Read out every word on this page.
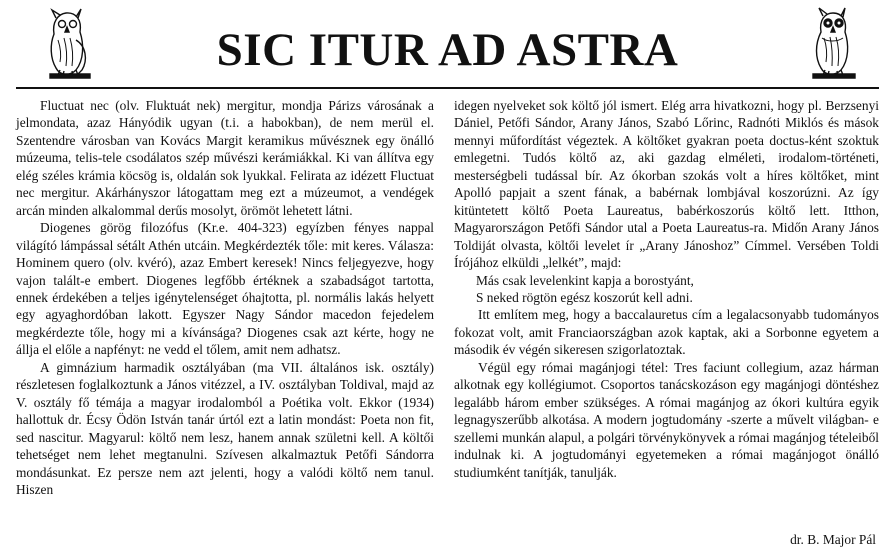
SIC ITUR AD ASTRA

Fluctuat nec (olv. Fluktuát nek) mergitur, mondja Párizs városának a jelmondata, azaz Hányódik ugyan (t.i. a habokban), de nem merül el. Szentendre városban van Kovács Margit keramikus művésznek egy önálló múzeuma, telis-tele csodálatos szép művészi kerámiákkal. Ki van állítva egy elég széles krámia köcsög is, oldalán sok lyukkal. Felirata az idézett Fluctuat nec mergitur. Akárhányszor látogattam meg ezt a múzeumot, a vendégek arcán minden alkalommal derűs mosolyt, örömöt lehetett látni.

Diogenes görög filozófus (Kr.e. 404-323) egyízben fényes nappal világító lámpással sétált Athén utcáin. Megkérdezték tőle: mit keres. Válasza: Hominem quero (olv. kvéró), azaz Embert keresek! Nincs feljegyezve, hogy vajon talált-e embert. Diogenes legfőbb értéknek a szabadságot tartotta, ennek érdekében a teljes igénytelenséget óhajtotta, pl. normális lakás helyett egy agyaghordóban lakott. Egyszer Nagy Sándor macedon fejedelem megkérdezte tőle, hogy mi a kívánsága? Diogenes csak azt kérte, hogy ne állja el előle a napfényt: ne vedd el tőlem, amit nem adhatsz.

A gimnázium harmadik osztályában (ma VII. általános isk. osztály) részletesen foglalkoztunk a János vitézzel, a IV. osztályban Toldival, majd az V. osztály fő témája a magyar irodalomból a Poétika volt. Ekkor (1934) hallottuk dr. Écsy Ödön István tanár úrtól ezt a latin mondást: Poeta non fit, sed nascitur. Magyarul: költő nem lesz, hanem annak születni kell. A költői tehetséget nem lehet megtanulni. Szívesen alkalmaztuk Petőfi Sándorra mondásunkat. Ez persze nem azt jelenti, hogy a valódi költő nem tanul. Hiszen

idegen nyelveket sok költő jól ismert. Elég arra hivatkozni, hogy pl. Berzsenyi Dániel, Petőfi Sándor, Arany János, Szabó Lőrinc, Radnóti Miklós és mások mennyi műfordítást végeztek. A költőket gyakran poeta doctus-ként szoktuk emlegetni. Tudós költő az, aki gazdag elméleti, irodalom-történeti, mesterségbeli tudással bír. Az ókorban szokás volt a híres költőket, mint Apolló papjait a szent fának, a babérnak lombjával koszorúzni. Az így kitüntetett költő Poeta Laureatus, babérkoszorús költő lett. Itthon, Magyarországon Petőfi Sándor utal a Poeta Laureatus-ra. Midőn Arany János Toldiját olvasta, költői levelet ír „Arany Jánoshoz” Címmel. Versében Toldi Írójához elküldi „lelkét”, majd:

Más csak levelenkint kapja a borostyánt,
S neked rögtön egész koszorút kell adni.

Itt említem meg, hogy a baccalauretus cím a legalacsonyabb tudományos fokozat volt, amit Franciaországban azok kaptak, aki a Sorbonne egyetem a második év végén sikeresen szigorlatoztak.

Végül egy római magánjogi tétel: Tres faciunt collegium, azaz hárman alkotnak egy kollégiumot. Csoportos tanácskozáson egy magánjogi döntéshez legalább három ember szükséges. A római magánjog az ókori kultúra egyik legnagyszerűbb alkotása. A modern jogtudomány -szerte a művelt világban- e szellemi munkán alapul, a polgári törvénykönyvek a római magánjog tételeiből indulnak ki. A jogtudományi egyetemeken a római magánjogot önálló studiumként tanítják, tanulják.

dr. B. Major Pál
